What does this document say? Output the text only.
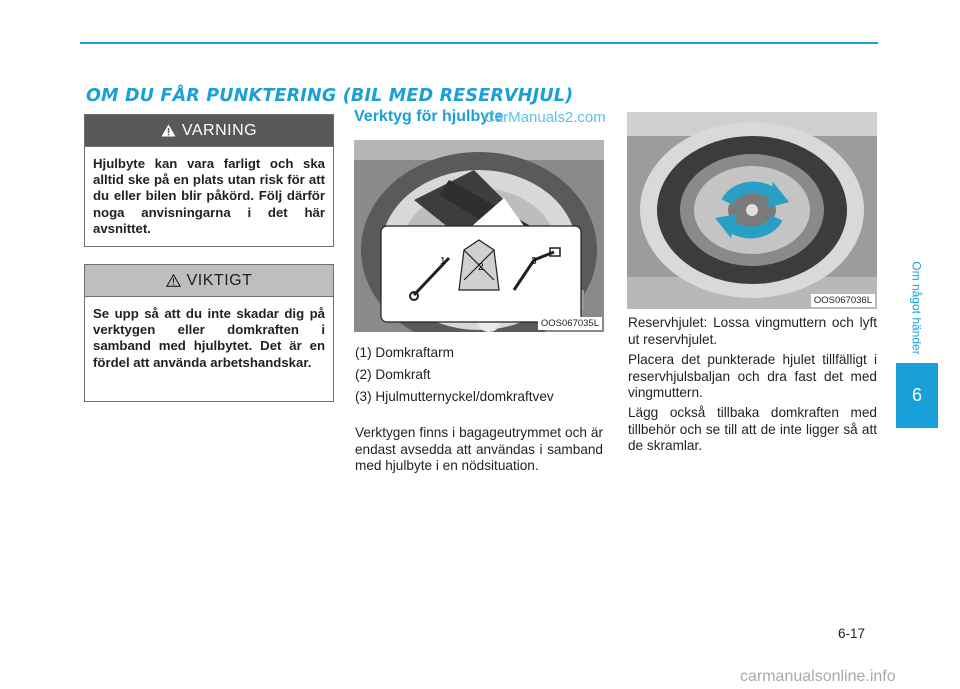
OM DU FÅR PUNKTERING (BIL MED RESERVHJUL)
VARNING
Hjulbyte kan vara farligt och ska alltid ske på en plats utan risk för att du eller bilen blir påkörd. Följ därför noga anvisningarna i det här avsnittet.
VIKTIGT
Se upp så att du inte skadar dig på verktygen eller domkraften i samband med hjulbytet. Det är en fördel att använda arbetshandskar.
Verktyg för hjulbyte
CarManuals2.com
1
2
3
OOS067035L
(1) Domkraftarm
(2) Domkraft
(3) Hjulmutternyckel/domkraftvev
Verktygen finns i bagageutrymmet och är endast avsedda att användas i samband med hjulbyte i en nödsituation.
OOS067036L
Reservhjulet: Lossa vingmuttern och lyft ut reservhjulet.
Placera det punkterade hjulet tillfälligt i reservhjulsbaljan och dra fast det med vingmuttern.
Lägg också tillbaka domkraften med tillbehör och se till att de inte ligger så att de skramlar.
Om något händer
6
6-17
carmanualsonline.info
